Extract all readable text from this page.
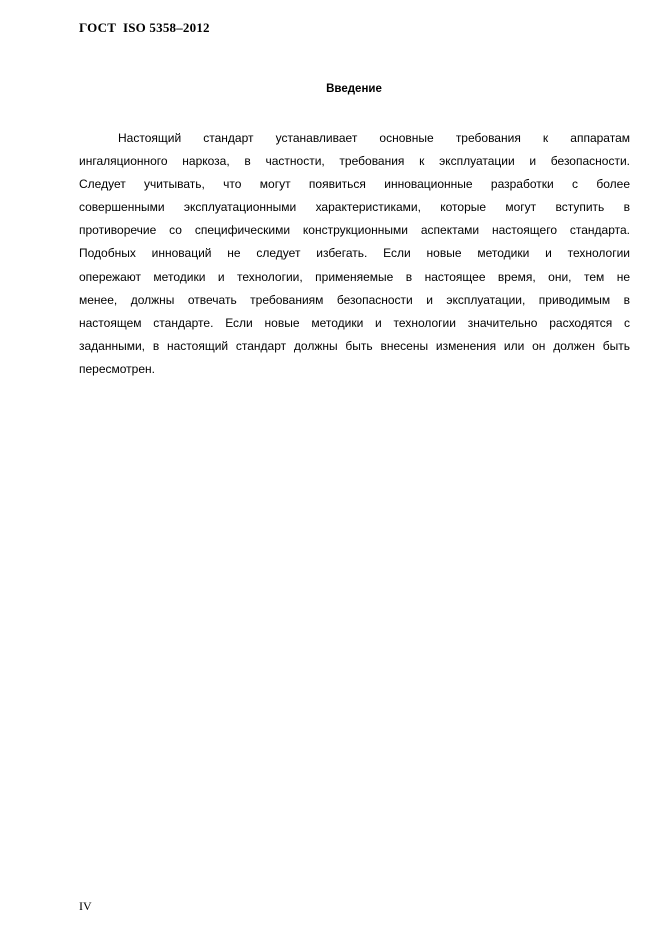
ГОСТ  ISO 5358–2012
Введение
Настоящий стандарт устанавливает основные требования к аппаратам
ингаляционного наркоза, в частности, требования к эксплуатации и безопасности.
Следует учитывать, что могут появиться инновационные разработки с более
совершенными эксплуатационными характеристиками, которые могут вступить в
противоречие со специфическими конструкционными аспектами настоящего стандарта.
Подобных инноваций не следует избегать. Если новые методики и технологии
опережают методики и технологии, применяемые в настоящее время, они, тем не
менее, должны отвечать требованиям безопасности и эксплуатации, приводимым в
настоящем стандарте. Если новые методики и технологии значительно расходятся с
заданными, в настоящий стандарт должны быть внесены изменения или он должен быть
пересмотрен.
IV
